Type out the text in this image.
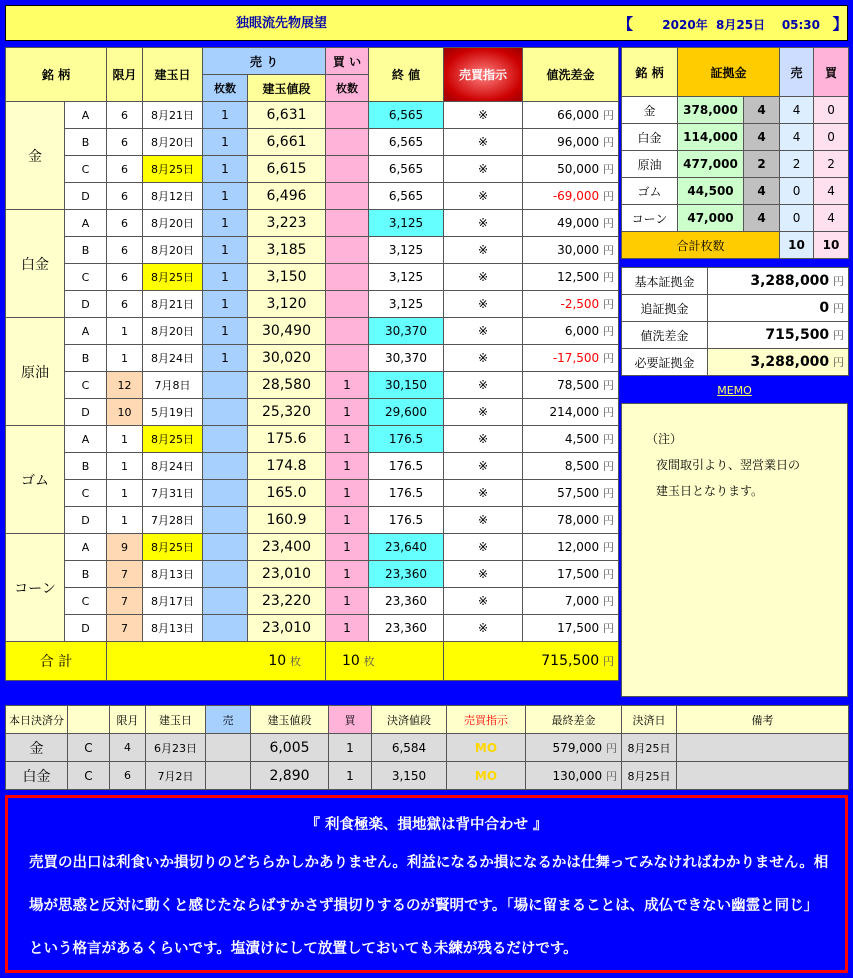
独眼流先物展望	【 2020年 8月25日 05:30 】
銘 柄		限月	建玉日	売 り		買 い	終 値	売買指示	値洗差金
				枚数	建玉値段	枚数			
金	A	6	8月21日	1	6,631		6,565	※	66,000 円
	B	6	8月20日	1	6,661		6,565	※	96,000 円
	C	6	8月25日	1	6,615		6,565	※	50,000 円
	D	6	8月12日	1	6,496		6,565	※	-69,000 円
白金	A	6	8月20日	1	3,223		3,125	※	49,000 円
	B	6	8月20日	1	3,185		3,125	※	30,000 円
	C	6	8月25日	1	3,150		3,125	※	12,500 円
	D	6	8月21日	1	3,120		3,125	※	-2,500 円
原油	A	1	8月20日	1	30,490		30,370	※	6,000 円
	B	1	8月24日	1	30,020		30,370	※	-17,500 円
	C	12	7月8日		28,580	1	30,150	※	78,500 円
	D	10	5月19日		25,320	1	29,600	※	214,000 円
ゴム	A	1	8月25日		175.6	1	176.5	※	4,500 円
	B	1	8月24日		174.8	1	176.5	※	8,500 円
	C	1	7月31日		165.0	1	176.5	※	57,500 円
	D	1	7月28日		160.9	1	176.5	※	78,000 円
コーン	A	9	8月25日		23,400	1	23,640	※	12,000 円
	B	7	8月13日		23,010	1	23,360	※	17,500 円
	C	7	8月17日		23,220	1	23,360	※	7,000 円
	D	7	8月13日		23,010	1	23,360	※	17,500 円
合 計		10 枚				10 枚		715,500 円	
銘 柄	証拠金		売	買
金	378,000	4	4	0
白金	114,000	4	4	0
原油	477,000	2	2	2
ゴム	44,500	4	0	4
コーン	47,000	4	0	4
合計枚数			10	10
基本証拠金	3,288,000 円
追証拠金	0 円
値洗差金	715,500 円
必要証拠金	3,288,000 円
MEMO
（注）
夜間取引より、翌営業日の
建玉日となります。
本日決済分		限月	建玉日	売	建玉値段	買	決済値段	売買指示	最終差金	決済日	備考
金	C	4	6月23日		6,005	1	6,584	MO	579,000 円	8月25日	
白金	C	6	7月2日		2,890	1	3,150	MO	130,000 円	8月25日	
『 利食極楽、損地獄は背中合わせ 』
売買の出口は利食いか損切りのどちらかしかありません。利益になるか損になるかは仕舞ってみなければわかりません。相場が思惑と反対に動くと感じたならばすかさず損切りするのが賢明です。「場に留まることは、成仏できない幽霊と同じ」という格言があるくらいです。塩漬けにして放置しておいても未練が残るだけです。
